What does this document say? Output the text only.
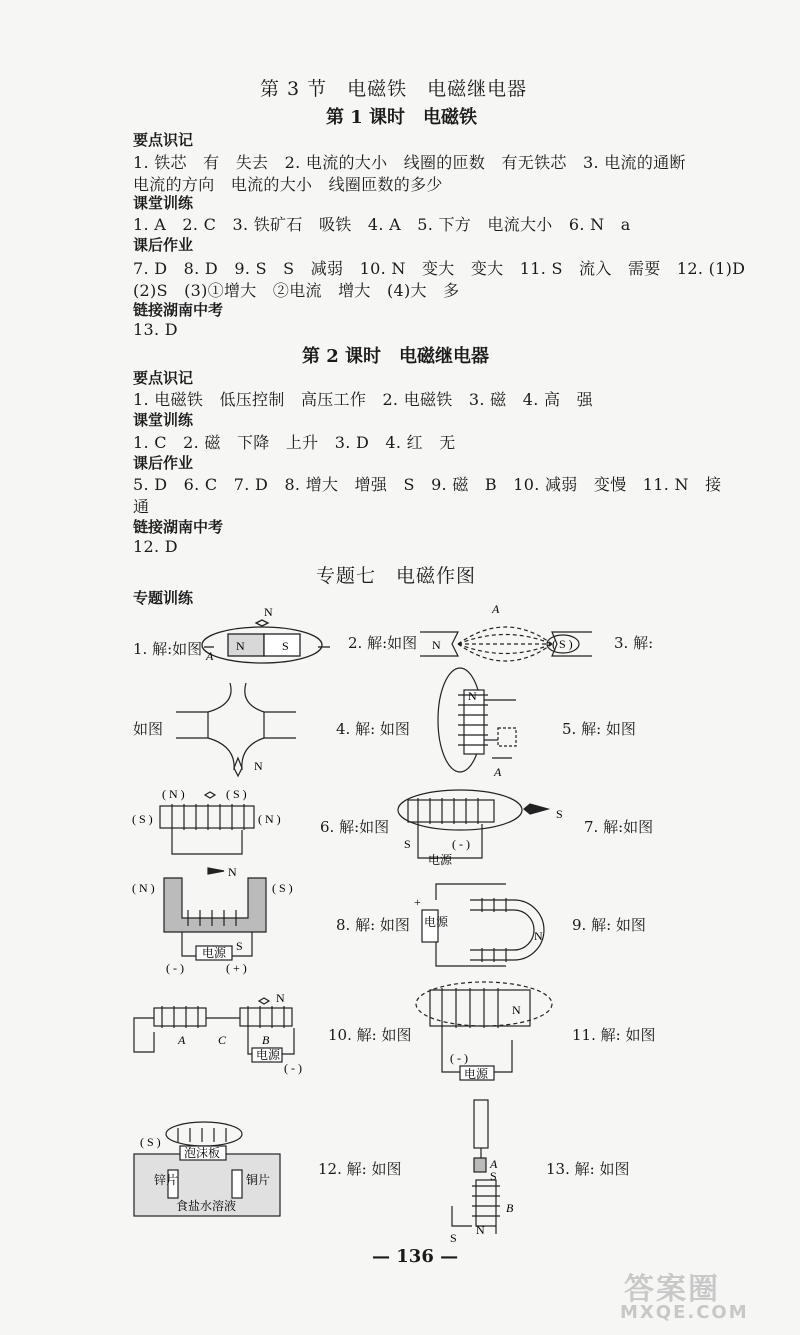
第 3 节　电磁铁　电磁继电器
第 1 课时　电磁铁
要点识记
1. 铁芯　有　失去　2. 电流的大小　线圈的匝数　有无铁芯　3. 电流的通断
电流的方向　电流的大小　线圈匝数的多少
课堂训练
1. A　2. C　3. 铁矿石　吸铁　4. A　5. 下方　电流大小　6. N　a
课后作业
7. D　8. D　9. S　S　减弱　10. N　变大　变大　11. S　流入　需要　12. (1)D
(2)S　(3)①增大　②电流　增大　(4)大　多
链接湖南中考
13. D
第 2 课时　电磁继电器
要点识记
1. 电磁铁　低压控制　高压工作　2. 电磁铁　3. 磁　4. 高　强
课堂训练
1. C　2. 磁　下降　上升　3. D　4. 红　无
课后作业
5. D　6. C　7. D　8. 增大　增强　S　9. 磁　B　10. 减弱　变慢　11. N　接
通
链接湖南中考
12. D
专题七　电磁作图
专题训练
1. 解:如图
N
N	S
A
2. 解:如图 N
A
( S )	3. 解:
如图
N
4. 解: 如图
N
A
5. 解: 如图
( N )	( S )
( S )	( N )	6. 解:如图
S
S	( - )
电源
7. 解:如图
( N )	( S )
N
电源 S
( - )	( + )
8. 解: 如图
+
电源
N
9. 解: 如图
N
A	C	B
电源
( - )
10. 解: 如图
N
( - )
电源
11. 解: 如图
( S )
泡沫板
锌片	铜片
食盐水溶液
12. 解: 如图	A
S
B
N
S
13. 解: 如图
— 136 —
答案圈
MXQE.COM
